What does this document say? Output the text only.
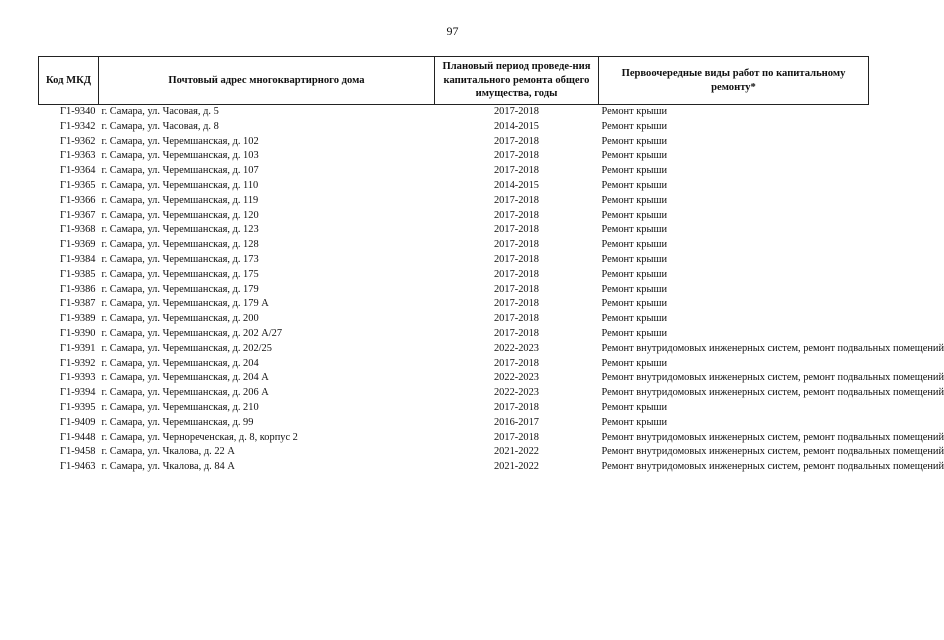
97
Код МКД	Почтовый адрес многоквартирного дома	Плановый период проведе-ния капитального ремонта общего имущества, годы	Первоочередные виды работ по капитальному ремонту*
Г1-9340	г. Самара, ул. Часовая, д. 5	2017-2018	Ремонт крыши
Г1-9342	г. Самара, ул. Часовая, д. 8	2014-2015	Ремонт крыши
Г1-9362	г. Самара, ул. Черемшанская, д. 102	2017-2018	Ремонт крыши
Г1-9363	г. Самара, ул. Черемшанская, д. 103	2017-2018	Ремонт крыши
Г1-9364	г. Самара, ул. Черемшанская, д. 107	2017-2018	Ремонт крыши
Г1-9365	г. Самара, ул. Черемшанская, д. 110	2014-2015	Ремонт крыши
Г1-9366	г. Самара, ул. Черемшанская, д. 119	2017-2018	Ремонт крыши
Г1-9367	г. Самара, ул. Черемшанская, д. 120	2017-2018	Ремонт крыши
Г1-9368	г. Самара, ул. Черемшанская, д. 123	2017-2018	Ремонт крыши
Г1-9369	г. Самара, ул. Черемшанская, д. 128	2017-2018	Ремонт крыши
Г1-9384	г. Самара, ул. Черемшанская, д. 173	2017-2018	Ремонт крыши
Г1-9385	г. Самара, ул. Черемшанская, д. 175	2017-2018	Ремонт крыши
Г1-9386	г. Самара, ул. Черемшанская, д. 179	2017-2018	Ремонт крыши
Г1-9387	г. Самара, ул. Черемшанская, д. 179 А	2017-2018	Ремонт крыши
Г1-9389	г. Самара, ул. Черемшанская, д. 200	2017-2018	Ремонт крыши
Г1-9390	г. Самара, ул. Черемшанская, д. 202 А/27	2017-2018	Ремонт крыши
Г1-9391	г. Самара, ул. Черемшанская, д. 202/25	2022-2023	Ремонт внутридомовых инженерных систем, ремонт подвальных помещений
Г1-9392	г. Самара, ул. Черемшанская, д. 204	2017-2018	Ремонт крыши
Г1-9393	г. Самара, ул. Черемшанская, д. 204 А	2022-2023	Ремонт внутридомовых инженерных систем, ремонт подвальных помещений
Г1-9394	г. Самара, ул. Черемшанская, д. 206 А	2022-2023	Ремонт внутридомовых инженерных систем, ремонт подвальных помещений
Г1-9395	г. Самара, ул. Черемшанская, д. 210	2017-2018	Ремонт крыши
Г1-9409	г. Самара, ул. Черемшанская, д. 99	2016-2017	Ремонт крыши
Г1-9448	г. Самара, ул. Черноречeнская, д. 8, корпус 2	2017-2018	Ремонт внутридомовых инженерных систем, ремонт подвальных помещений
Г1-9458	г. Самара, ул. Чкалова, д. 22 А	2021-2022	Ремонт внутридомовых инженерных систем, ремонт подвальных помещений
Г1-9463	г. Самара, ул. Чкалова, д. 84 А	2021-2022	Ремонт внутридомовых инженерных систем, ремонт подвальных помещений
